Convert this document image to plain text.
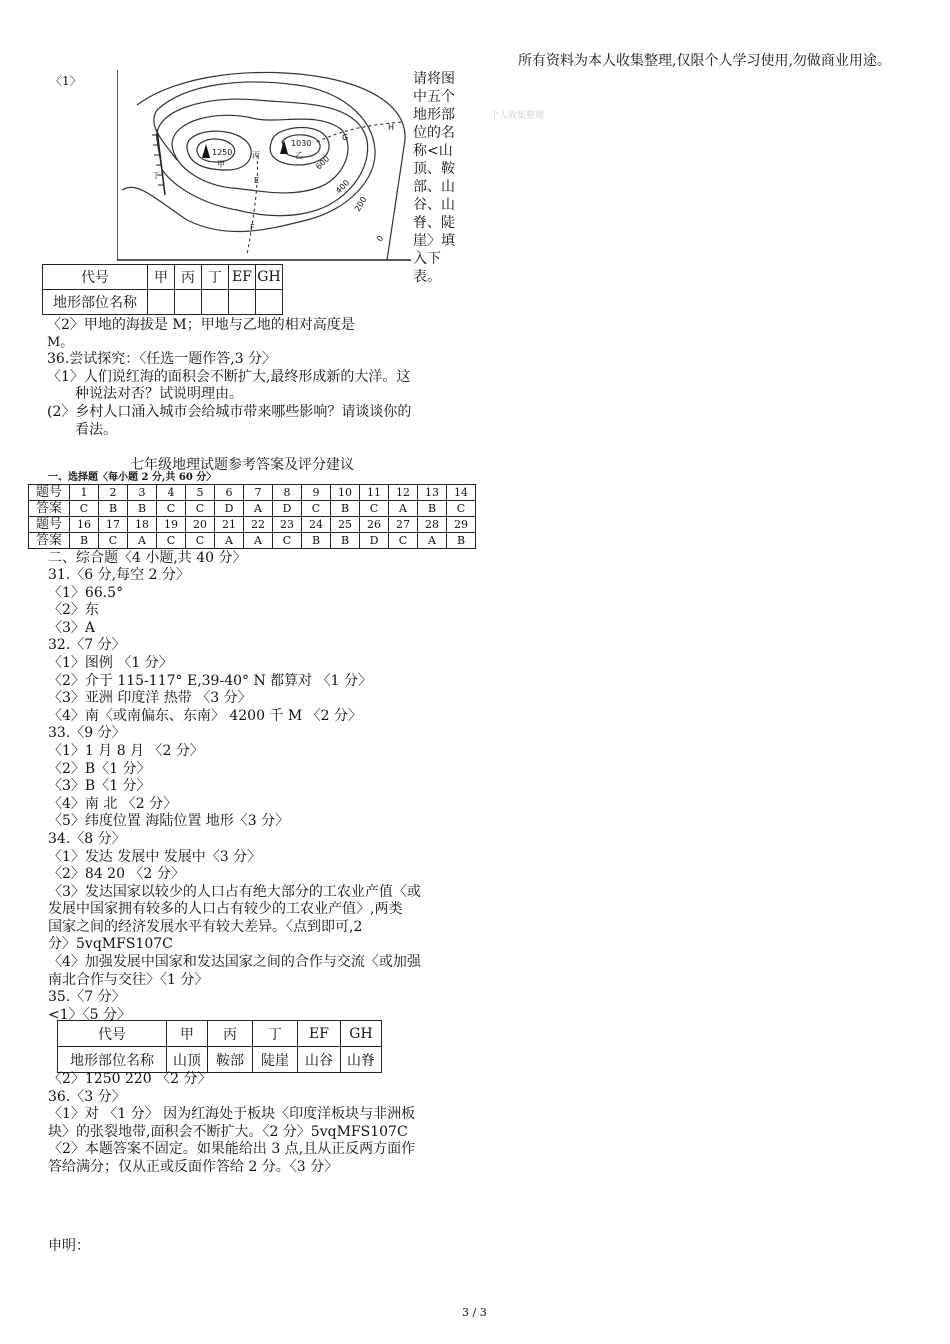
〈1〉
1250
甲
1030
乙
丙
丁
E
F
G
H
600
400
200
0
请将图
中五个
地形部
位的名
称<山
顶、鞍
部、山
谷、山
脊、陡
崖〉填
入下表。
所有资料为本人收集整理,仅限个人学习使用,勿做商业用途。
个人收集整理
代号	甲	丙	丁	EF	GH
地形部位名称					
〈2〉甲地的海拔是 M；甲地与乙地的相对高度是
M。
36.尝试探究：〈任选一题作答,3 分〉
〈1〉人们说红海的面积会不断扩大,最终形成新的大洋。这
种说法对否？试说明理由。
(2〉乡村人口涌入城市会给城市带来哪些影响？请谈谈你的
看法。
七年级地理试题参考答案及评分建议
一、选择题〈每小题 2 分,共 60 分〉
题号	1	2	3	4	5	6	7	8	9	10	11	12	13	14
答案	C	B	B	C	C	D	A	D	C	B	C	A	B	C
题号	16	17	18	19	20	21	22	23	24	25	26	27	28	29
答案	B	C	A	C	C	A	A	C	B	B	D	C	A	B
二、综合题〈4 小题,共 40 分〉
31.〈6 分,每空 2 分〉
〈1〉66.5°
〈2〉东
〈3〉A
32.〈7 分〉
〈1〉图例 〈1 分〉
〈2〉介于 115-117° E,39-40° N 都算对 〈1 分〉
〈3〉亚洲 印度洋 热带 〈3 分〉
〈4〉南〈或南偏东、东南〉 4200 千 M 〈2 分〉
33.〈9 分〉
〈1〉1 月 8 月 〈2 分〉
〈2〉B〈1 分〉
〈3〉B〈1 分〉
〈4〉南 北 〈2 分〉
〈5〉纬度位置 海陆位置 地形〈3 分〉
34.〈8 分〉
〈1〉发达 发展中 发展中〈3 分〉
〈2〉84 20 〈2 分〉
〈3〉发达国家以较少的人口占有绝大部分的工农业产值〈或
发展中国家拥有较多的人口占有较少的工农业产值〉,两类
国家之间的经济发展水平有较大差异。〈点到即可,2
分〉5vqMFS107C
〈4〉加强发展中国家和发达国家之间的合作与交流〈或加强
南北合作与交往〉〈1 分〉
35.〈7 分〉
<1〉〈5 分〉
代号	甲	丙	丁	EF	GH
地形部位名称	山顶	鞍部	陡崖	山谷	山脊
〈2〉1250 220 〈2 分〉
36.〈3 分〉
〈1〉对 〈1 分〉 因为红海处于板块〈印度洋板块与非洲板
块〉的张裂地带,面积会不断扩大。〈2 分〉5vqMFS107C
〈2〉本题答案不固定。如果能给出 3 点,且从正反两方面作
答给满分；仅从正或反面作答给 2 分。〈3 分〉
申明：
3 / 3
